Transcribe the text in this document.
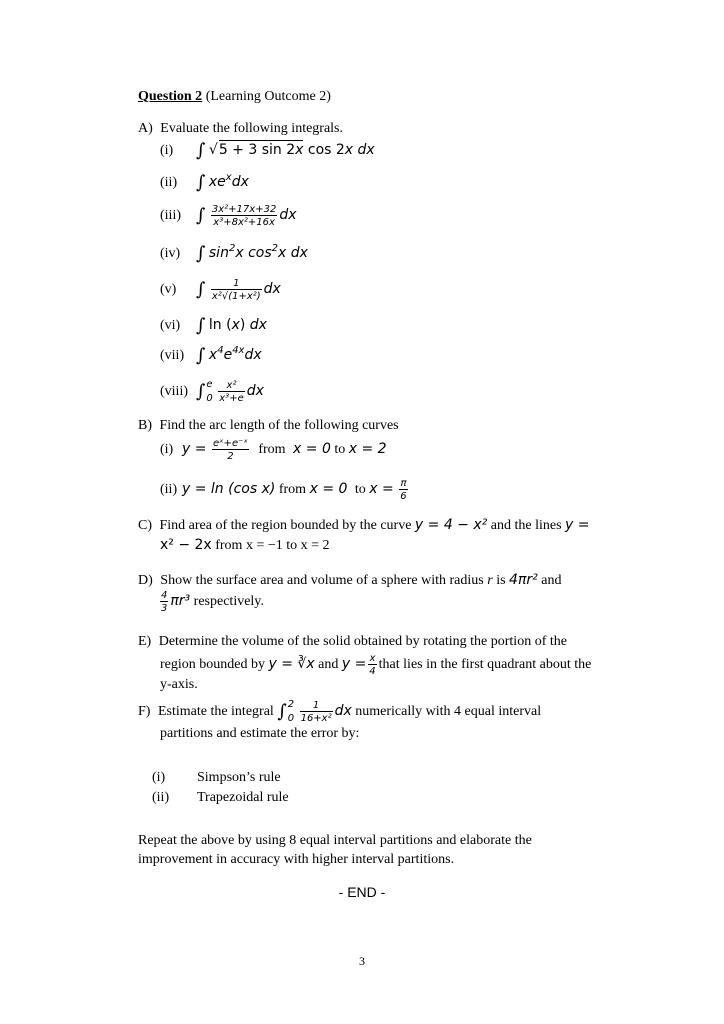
Question 2 (Learning Outcome 2)
A) Evaluate the following integrals.
(i) ∫ √5 + 3 sin 2x cos 2x dx
(ii) ∫ $xe^xdx$
(iii) ∫ $\frac{\text{3x²+17x+32}}{\text{x³+8x²+16x}}$ dx
(iv) ∫ $\sin^2x$ $\cos^2x$ dx
(v) ∫ $\frac{1}{\text{x²√(1+x²)}}$ dx
(vi) ∫ ln (x) dx
(vii) ∫ $x^4e^{4x}dx$
(viii) ∫ e
0
$\frac{\text{x²}}{\text{x³+e}}$ dx
B) Find the arc length of the following curves
(i) $y = \frac{\text{eˣ+e⁻ˣ}}{2}$ from x = 0 to x = 2
(ii) y = ln (cos x) from x = 0 to $x = \frac{\pi}{6}$
C) Find area of the region bounded by the curve y = 4 − x² and the lines y =
x² − 2x from x = −1 to x = 2
D) Show the surface area and volume of a sphere with radius r is 4πr² and
$\frac{4}{3} \pi r^3$ respectively.
E) Determine the volume of the solid obtained by rotating the portion of the
region bounded by y = ∛x and $y = \frac{x}{4}$ that lies in the first quadrant about the
y-axis.
F) Estimate the integral ∫ 2
0
$\frac{1}{\text{16+x²}}$ dx numerically with 4 equal interval
partitions and estimate the error by:
(i) Simpson’s rule
(ii) Trapezoidal rule
Repeat the above by using 8 equal interval partitions and elaborate the
improvement in accuracy with higher interval partitions.
- END -
3
